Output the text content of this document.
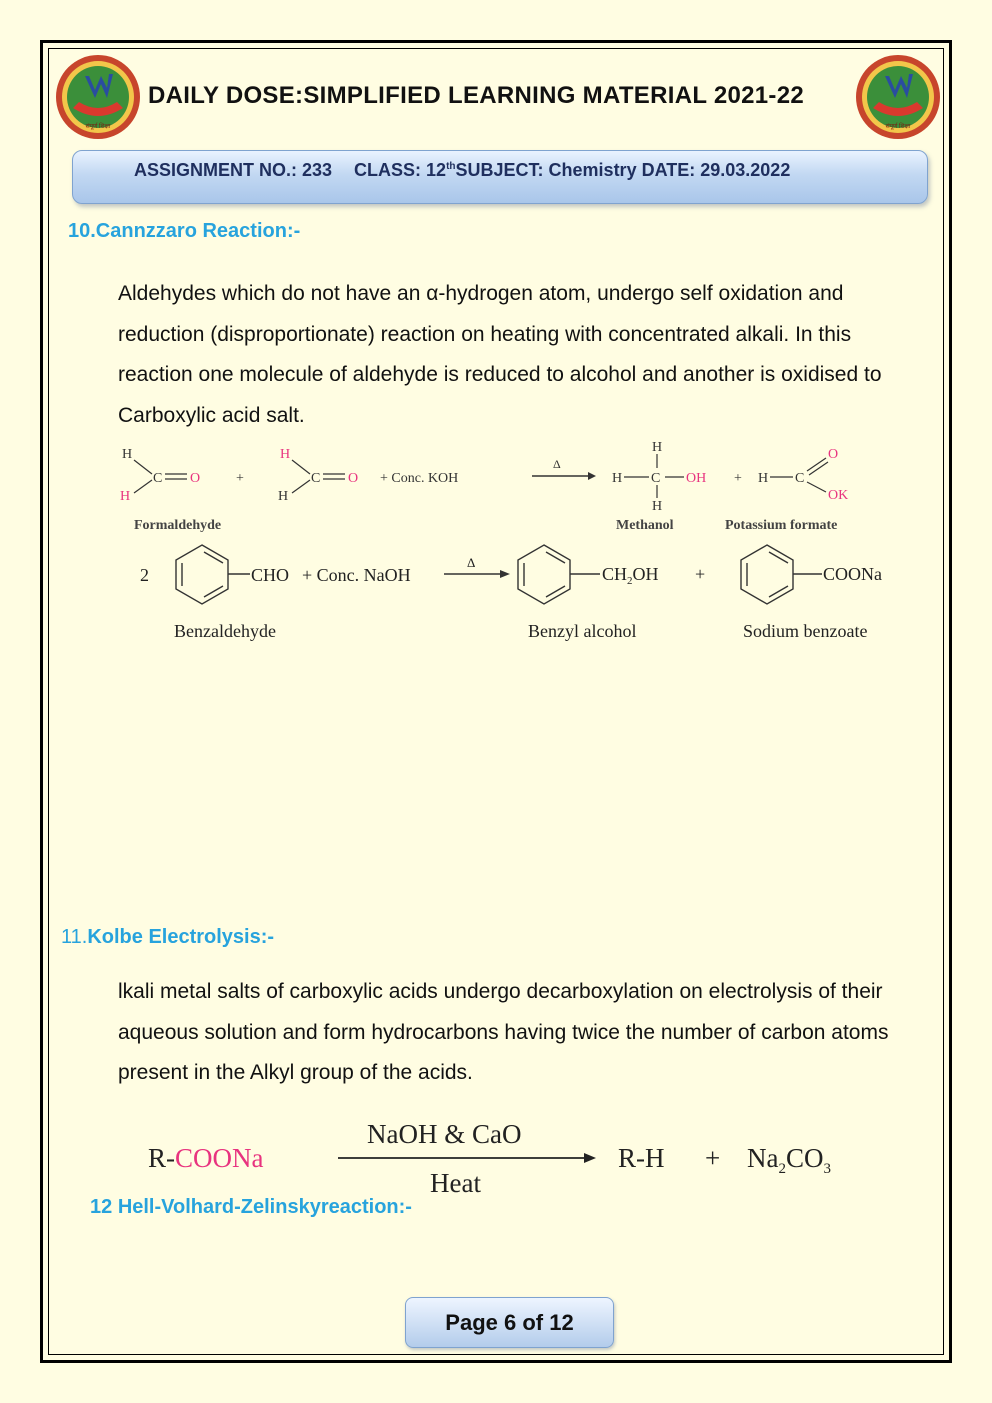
संपूर्ण शिक्षा	संपूर्ण शिक्षा
DAILY DOSE:SIMPLIFIED LEARNING MATERIAL 2021-22
ASSIGNMENT NO.: 233 CLASS: 12thSUBJECT: Chemistry DATE: 29.03.2022
10.Cannzzaro Reaction:-

Aldehydes which do not have an α-hydrogen atom, undergo self oxidation and reduction (disproportionate) reaction on heating with concentrated alkali. In this reaction one molecule of aldehyde is reduced to alcohol and another is oxidised to Carboxylic acid salt.

H
H
C O	+
H
H
C O + Conc. KOH
Δ
H
H C OH
H
+ H C
O
OK
Formaldehyde	Methanol	Potassium formate
2	CHO + Conc. NaOH
Δ
$CH_2OH$ +	COONa
Benzaldehyde	Benzyl alcohol	Sodium benzoate
11.Kolbe Electrolysis:-

lkali metal salts of carboxylic acids undergo decarboxylation on electrolysis of their aqueous solution and form hydrocarbons having twice the number of carbon atoms present in the Alkyl group of the acids.

R-COONa
NaOH & CaO
Heat
$R-H + Na_2CO_3$
12 Hell-Volhard-Zelinskyreaction:-
Page 6 of 12
